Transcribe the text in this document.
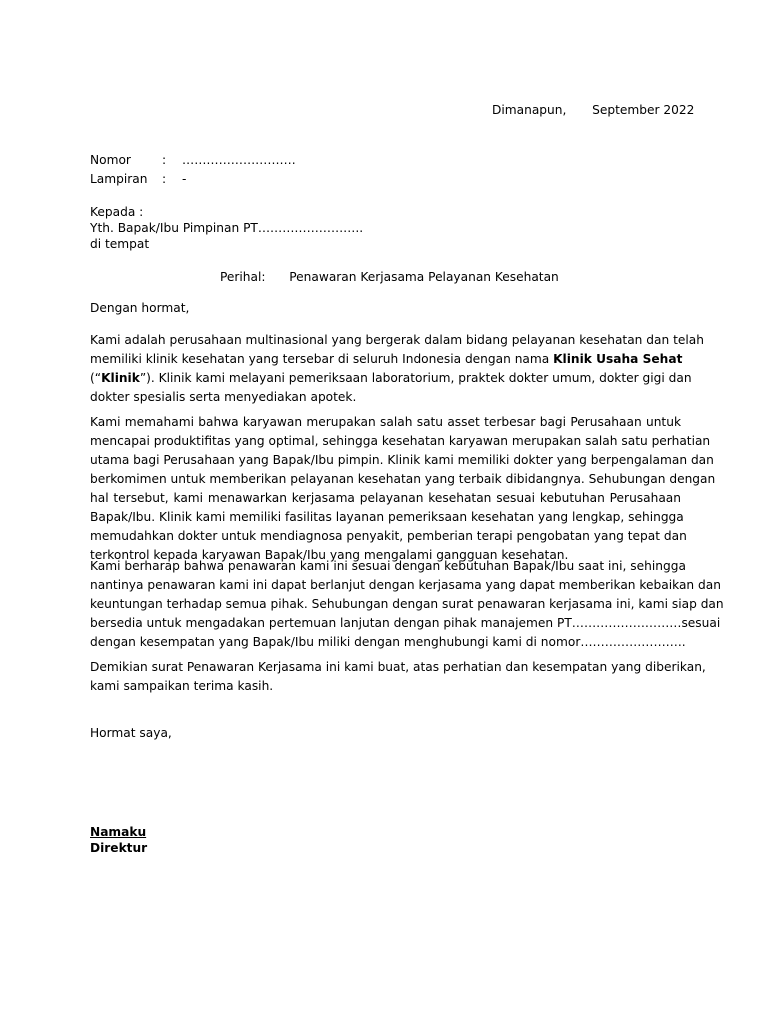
Dimanapun, September 2022
Nomor	: ……………………….
Lampiran : -
Kepada :
Yth. Bapak/Ibu Pimpinan PT……………………..
di tempat
Perihal: Penawaran Kerjasama Pelayanan Kesehatan
Dengan hormat,
Kami adalah perusahaan multinasional yang bergerak dalam bidang pelayanan kesehatan dan telah
memiliki klinik kesehatan yang tersebar di seluruh Indonesia dengan nama Klinik Usaha Sehat
(“Klinik”). Klinik kami melayani pemeriksaan laboratorium, praktek dokter umum, dokter gigi dan
dokter spesialis serta menyediakan apotek.
Kami memahami bahwa karyawan merupakan salah satu asset terbesar bagi Perusahaan untuk
mencapai produktifitas yang optimal, sehingga kesehatan karyawan merupakan salah satu perhatian
utama bagi Perusahaan yang Bapak/Ibu pimpin. Klinik kami memiliki dokter yang berpengalaman dan
berkomimen untuk memberikan pelayanan kesehatan yang terbaik dibidangnya. Sehubungan dengan
hal tersebut, kami menawarkan kerjasama pelayanan kesehatan sesuai kebutuhan Perusahaan
Bapak/Ibu. Klinik kami memiliki fasilitas layanan pemeriksaan kesehatan yang lengkap, sehingga
memudahkan dokter untuk mendiagnosa penyakit, pemberian terapi pengobatan yang tepat dan
terkontrol kepada karyawan Bapak/Ibu yang mengalami gangguan kesehatan.
Kami berharap bahwa penawaran kami ini sesuai dengan kebutuhan Bapak/Ibu saat ini, sehingga
nantinya penawaran kami ini dapat berlanjut dengan kerjasama yang dapat memberikan kebaikan dan
keuntungan terhadap semua pihak. Sehubungan dengan surat penawaran kerjasama ini, kami siap dan
bersedia untuk mengadakan pertemuan lanjutan dengan pihak manajemen PT………………………sesuai
dengan kesempatan yang Bapak/Ibu miliki dengan menghubungi kami di nomor……………………..
Demikian surat Penawaran Kerjasama ini kami buat, atas perhatian dan kesempatan yang diberikan,
kami sampaikan terima kasih.
Hormat saya,
Namaku
Direktur
